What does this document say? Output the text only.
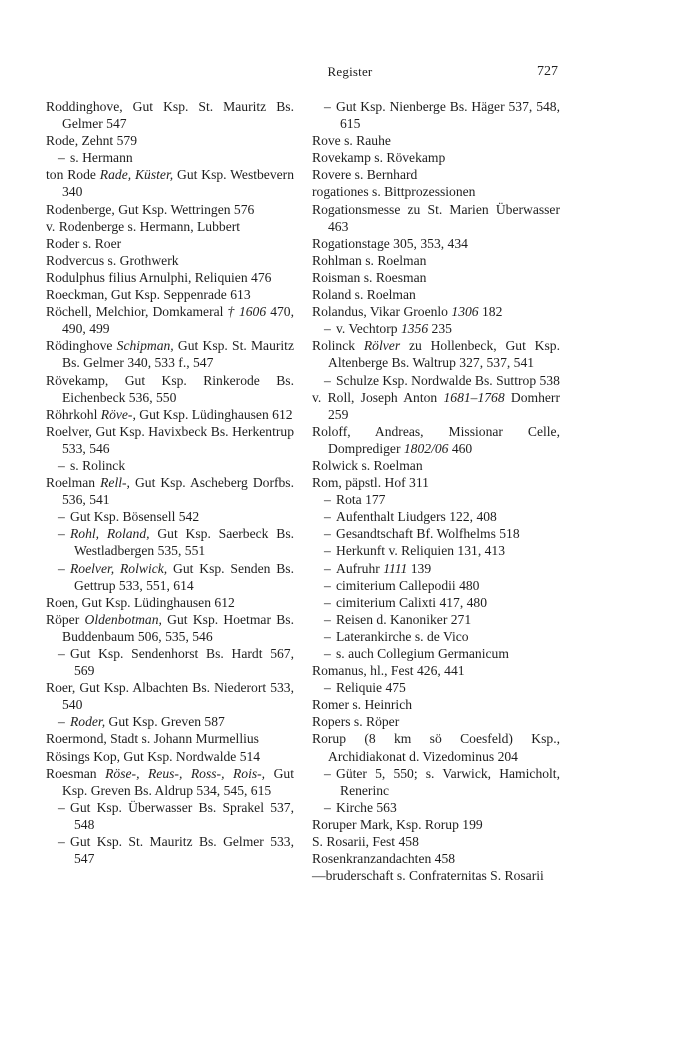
Register	727
Roddinghove, Gut Ksp. St. Mauritz Bs. Gelmer 547
Rode, Zehnt 579
– s. Hermann
ton Rode Rade, Küster, Gut Ksp. Westbevern 340
Rodenberge, Gut Ksp. Wettringen 576
v. Rodenberge s. Hermann, Lubbert
Roder s. Roer
Rodvercus s. Grothwerk
Rodulphus filius Arnulphi, Reliquien 476
Roeckman, Gut Ksp. Seppenrade 613
Röchell, Melchior, Domkameral † 1606 470, 490, 499
Rödinghove Schipman, Gut Ksp. St. Mauritz Bs. Gelmer 340, 533 f., 547
Rövekamp, Gut Ksp. Rinkerode Bs. Eichenbeck 536, 550
Röhrkohl Röve-, Gut Ksp. Lüdinghausen 612
Roelver, Gut Ksp. Havixbeck Bs. Herkentrup 533, 546
– s. Rolinck
Roelman Rell-, Gut Ksp. Ascheberg Dorfbs. 536, 541
– Gut Ksp. Bösensell 542
– Rohl, Roland, Gut Ksp. Saerbeck Bs. Westladbergen 535, 551
– Roelver, Rolwick, Gut Ksp. Senden Bs. Gettrup 533, 551, 614
Roen, Gut Ksp. Lüdinghausen 612
Röper Oldenbotman, Gut Ksp. Hoetmar Bs. Buddenbaum 506, 535, 546
– Gut Ksp. Sendenhorst Bs. Hardt 567, 569
Roer, Gut Ksp. Albachten Bs. Niederort 533, 540
– Roder, Gut Ksp. Greven 587
Roermond, Stadt s. Johann Murmellius
Rösings Kop, Gut Ksp. Nordwalde 514
Roesman Röse-, Reus-, Ross-, Rois-, Gut Ksp. Greven Bs. Aldrup 534, 545, 615
– Gut Ksp. Überwasser Bs. Sprakel 537, 548
– Gut Ksp. St. Mauritz Bs. Gelmer 533, 547
– Gut Ksp. Nienberge Bs. Häger 537, 548, 615
Rove s. Rauhe
Rovekamp s. Rövekamp
Rovere s. Bernhard
rogationes s. Bittprozessionen
Rogationsmesse zu St. Marien Überwasser 463
Rogationstage 305, 353, 434
Rohlman s. Roelman
Roisman s. Roesman
Roland s. Roelman
Rolandus, Vikar Groenlo 1306 182
– v. Vechtorp 1356 235
Rolinck Rölver zu Hollenbeck, Gut Ksp. Altenberge Bs. Waltrup 327, 537, 541
– Schulze Ksp. Nordwalde Bs. Suttrop 538
v. Roll, Joseph Anton 1681–1768 Domherr 259
Roloff, Andreas, Missionar Celle, Domprediger 1802/06 460
Rolwick s. Roelman
Rom, päpstl. Hof 311
– Rota 177
– Aufenthalt Liudgers 122, 408
– Gesandtschaft Bf. Wolfhelms 518
– Herkunft v. Reliquien 131, 413
– Aufruhr 1111 139
– cimiterium Callepodii 480
– cimiterium Calixti 417, 480
– Reisen d. Kanoniker 271
– Laterankirche s. de Vico
– s. auch Collegium Germanicum
Romanus, hl., Fest 426, 441
– Reliquie 475
Romer s. Heinrich
Ropers s. Röper
Rorup (8 km sö Coesfeld) Ksp., Archidiakonat d. Vizedominus 204
– Güter 5, 550; s. Varwick, Hamicholt, Renerinc
– Kirche 563
Roruper Mark, Ksp. Rorup 199
S. Rosarii, Fest 458
Rosenkranzandachten 458
—bruderschaft s. Confraternitas S. Rosarii
